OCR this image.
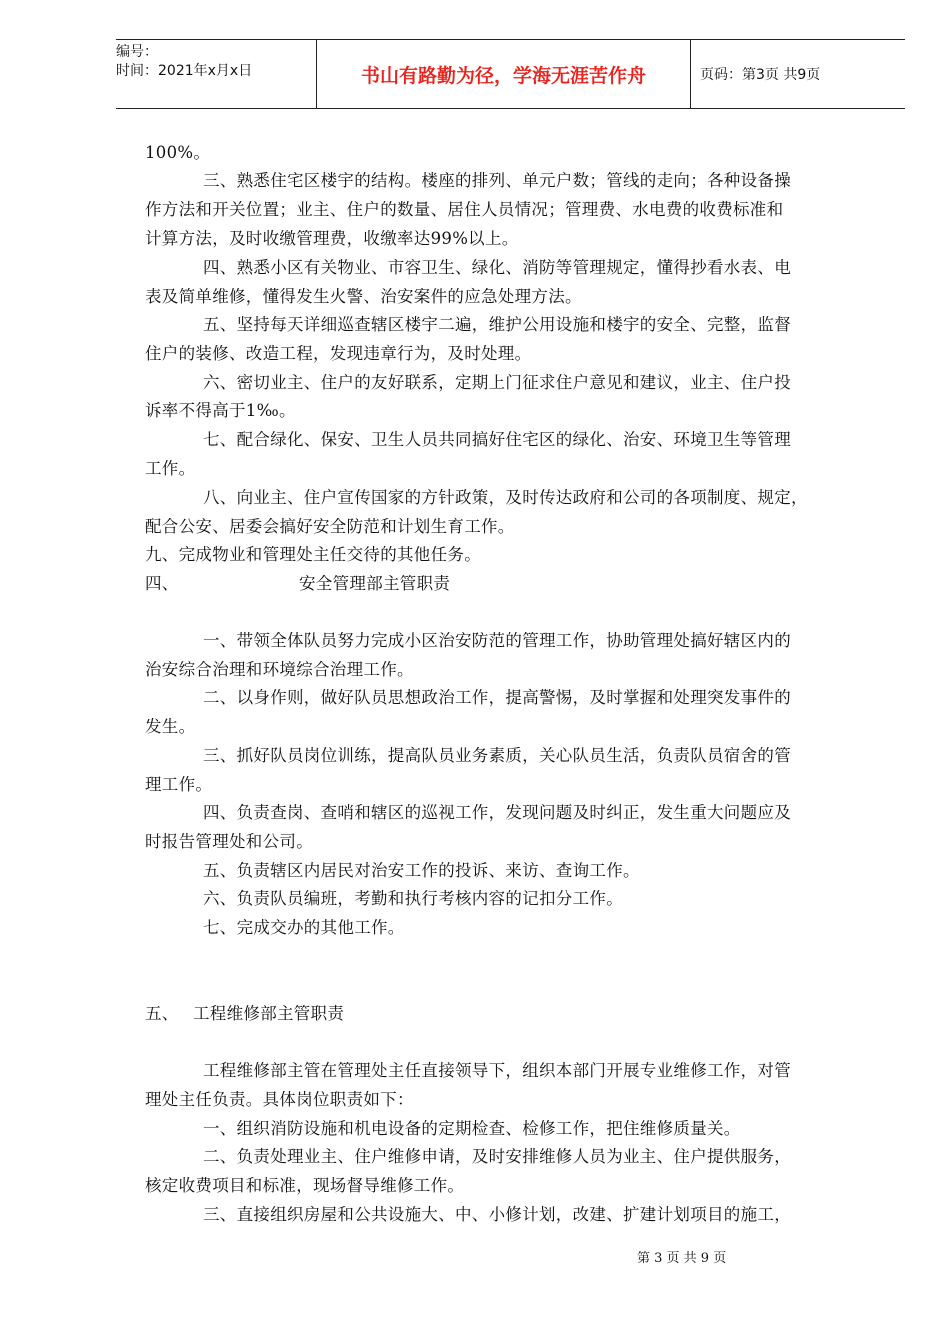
编号：
时间：2021年x月x日	书山有路勤为径，学海无涯苦作舟	页码：第3页 共9页
100%。
三、熟悉住宅区楼宇的结构。楼座的排列、单元户数；管线的走向；各种设备操
作方法和开关位置；业主、住户的数量、居住人员情况；管理费、水电费的收费标准和
计算方法，及时收缴管理费，收缴率达99%以上。
四、熟悉小区有关物业、市容卫生、绿化、消防等管理规定，懂得抄看水表、电
表及简单维修，懂得发生火警、治安案件的应急处理方法。
五、坚持每天详细巡查辖区楼宇二遍，维护公用设施和楼宇的安全、完整，监督
住户的装修、改造工程，发现违章行为，及时处理。
六、密切业主、住户的友好联系，定期上门征求住户意见和建议，业主、住户投
诉率不得高于1‰。
七、配合绿化、保安、卫生人员共同搞好住宅区的绿化、治安、环境卫生等管理
工作。
八、向业主、住户宣传国家的方针政策，及时传达政府和公司的各项制度、规定，
配合公安、居委会搞好安全防范和计划生育工作。
九、完成物业和管理处主任交待的其他任务。
四、	安全管理部主管职责
一、带领全体队员努力完成小区治安防范的管理工作，协助管理处搞好辖区内的
治安综合治理和环境综合治理工作。
二、以身作则，做好队员思想政治工作，提高警惕，及时掌握和处理突发事件的
发生。
三、抓好队员岗位训练，提高队员业务素质，关心队员生活，负责队员宿舍的管
理工作。
四、负责查岗、查哨和辖区的巡视工作，发现问题及时纠正，发生重大问题应及
时报告管理处和公司。
五、负责辖区内居民对治安工作的投诉、来访、查询工作。
六、负责队员编班，考勤和执行考核内容的记扣分工作。
七、完成交办的其他工作。
五、 工程维修部主管职责
工程维修部主管在管理处主任直接领导下，组织本部门开展专业维修工作，对管
理处主任负责。具体岗位职责如下：
一、组织消防设施和机电设备的定期检查、检修工作，把住维修质量关。
二、负责处理业主、住户维修申请，及时安排维修人员为业主、住户提供服务，
核定收费项目和标准，现场督导维修工作。
三、直接组织房屋和公共设施大、中、小修计划，改建、扩建计划项目的施工，
第 3 页 共 9 页
